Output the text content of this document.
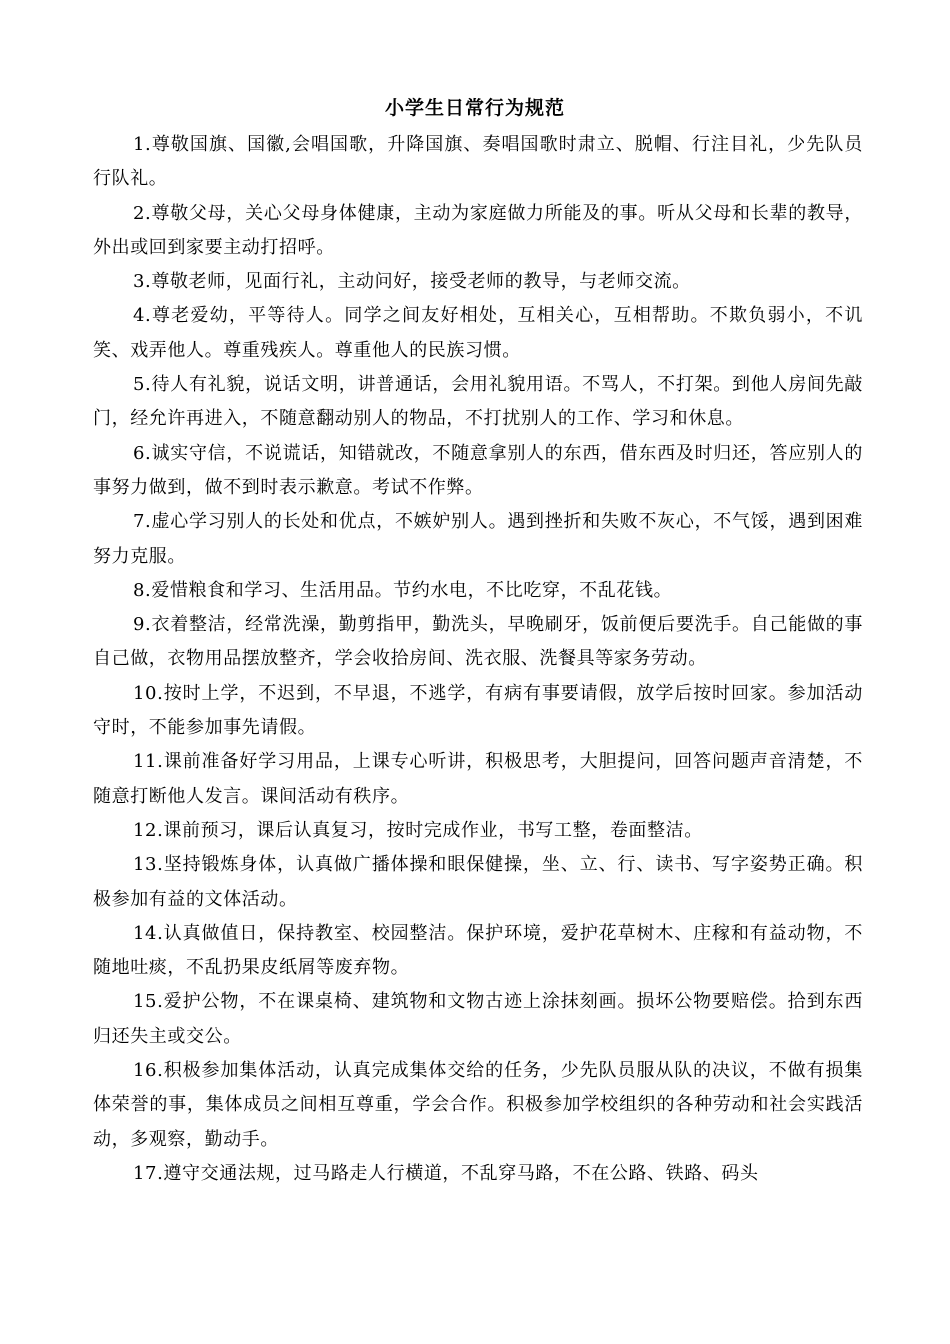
小学生日常行为规范

1.尊敬国旗、国徽,会唱国歌，升降国旗、奏唱国歌时肃立、脱帽、行注目礼，少先队员行队礼。

2.尊敬父母，关心父母身体健康，主动为家庭做力所能及的事。听从父母和长辈的教导，外出或回到家要主动打招呼。

3.尊敬老师，见面行礼，主动问好，接受老师的教导，与老师交流。

4.尊老爱幼，平等待人。同学之间友好相处，互相关心，互相帮助。不欺负弱小，不讥笑、戏弄他人。尊重残疾人。尊重他人的民族习惯。

5.待人有礼貌，说话文明，讲普通话，会用礼貌用语。不骂人，不打架。到他人房间先敲门，经允许再进入，不随意翻动别人的物品，不打扰别人的工作、学习和休息。

6.诚实守信，不说谎话，知错就改，不随意拿别人的东西，借东西及时归还，答应别人的事努力做到，做不到时表示歉意。考试不作弊。

7.虚心学习别人的长处和优点，不嫉妒别人。遇到挫折和失败不灰心，不气馁，遇到困难努力克服。

8.爱惜粮食和学习、生活用品。节约水电，不比吃穿，不乱花钱。

9.衣着整洁，经常洗澡，勤剪指甲，勤洗头，早晚刷牙，饭前便后要洗手。自己能做的事自己做，衣物用品摆放整齐，学会收拾房间、洗衣服、洗餐具等家务劳动。

10.按时上学，不迟到，不早退，不逃学，有病有事要请假，放学后按时回家。参加活动守时，不能参加事先请假。

11.课前准备好学习用品，上课专心听讲，积极思考，大胆提问，回答问题声音清楚，不随意打断他人发言。课间活动有秩序。

12.课前预习，课后认真复习，按时完成作业，书写工整，卷面整洁。

13.坚持锻炼身体，认真做广播体操和眼保健操，坐、立、行、读书、写字姿势正确。积极参加有益的文体活动。

14.认真做值日，保持教室、校园整洁。保护环境，爱护花草树木、庄稼和有益动物，不随地吐痰，不乱扔果皮纸屑等废弃物。

15.爱护公物，不在课桌椅、建筑物和文物古迹上涂抹刻画。损坏公物要赔偿。拾到东西归还失主或交公。

16.积极参加集体活动，认真完成集体交给的任务，少先队员服从队的决议，不做有损集体荣誉的事，集体成员之间相互尊重，学会合作。积极参加学校组织的各种劳动和社会实践活动，多观察，勤动手。

17.遵守交通法规，过马路走人行横道，不乱穿马路，不在公路、铁路、码头
